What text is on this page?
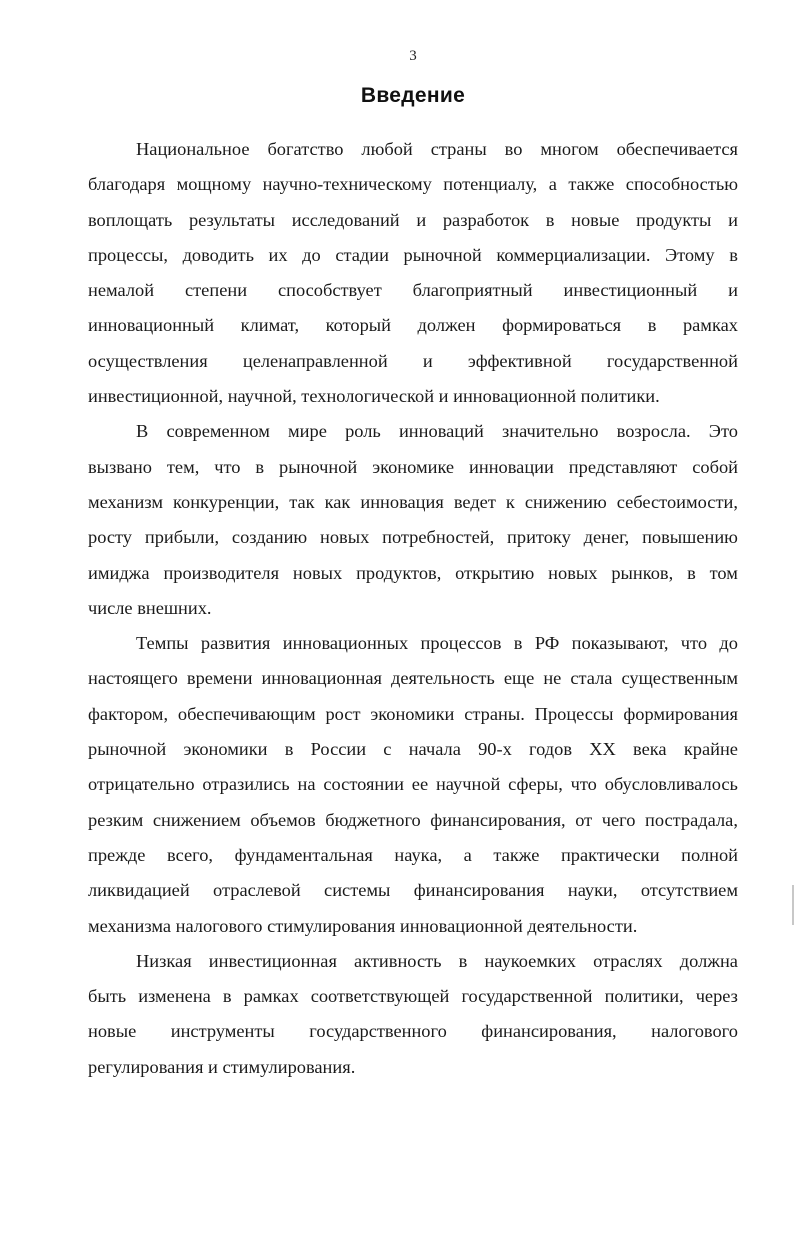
3
Введение
Национальное богатство любой страны во многом обеспечивается
благодаря мощному научно-техническому потенциалу, а также способностью
воплощать результаты исследований и разработок в новые продукты и
процессы, доводить их до стадии рыночной коммерциализации. Этому в
немалой степени способствует благоприятный инвестиционный и
инновационный климат, который должен формироваться в рамках
осуществления целенаправленной и эффективной государственной
инвестиционной, научной, технологической и инновационной политики.
В современном мире роль инноваций значительно возросла. Это
вызвано тем, что в рыночной экономике инновации представляют собой
механизм конкуренции, так как инновация ведет к снижению себестоимости,
росту прибыли, созданию новых потребностей, притоку денег, повышению
имиджа производителя новых продуктов, открытию новых рынков, в том
числе внешних.
Темпы развития инновационных процессов в РФ показывают, что до
настоящего времени инновационная деятельность еще не стала существенным
фактором, обеспечивающим рост экономики страны. Процессы формирования
рыночной экономики в России с начала 90-х годов XX века крайне
отрицательно отразились на состоянии ее научной сферы, что обусловливалось
резким снижением объемов бюджетного финансирования, от чего пострадала,
прежде всего, фундаментальная наука, а также практически полной
ликвидацией отраслевой системы финансирования науки, отсутствием
механизма налогового стимулирования инновационной деятельности.
Низкая инвестиционная активность в наукоемких отраслях должна
быть изменена в рамках соответствующей государственной политики, через
новые инструменты государственного финансирования, налогового
регулирования и стимулирования.
